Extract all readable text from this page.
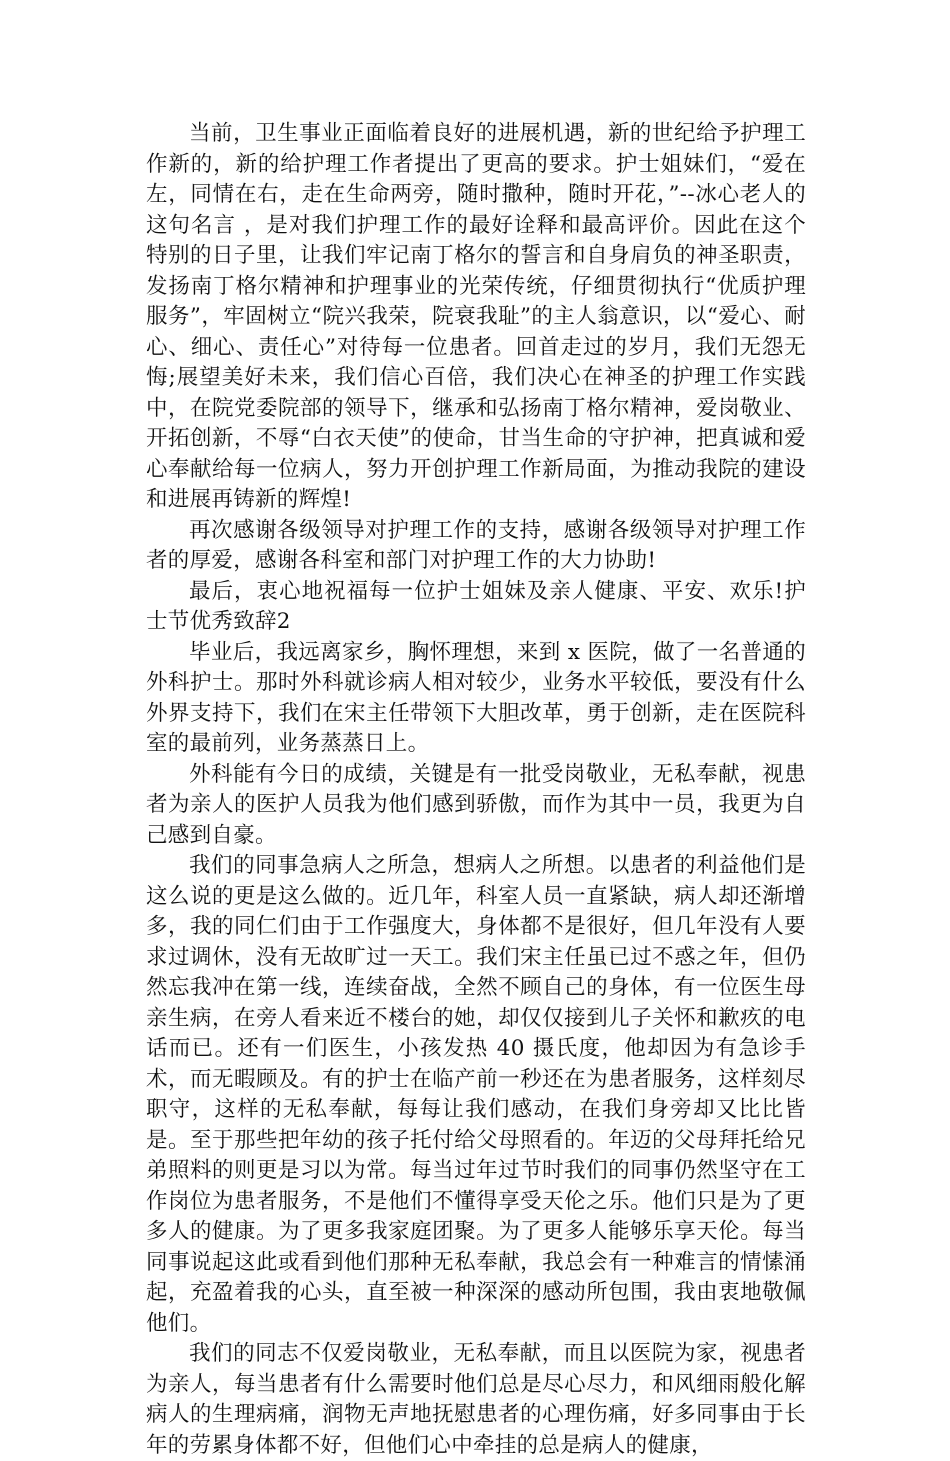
当前，卫生事业正面临着良好的进展机遇，新的世纪给予护理工作新的，新的给护理工作者提出了更高的要求。护士姐妹们，“爱在左，同情在右，走在生命两旁，随时撒种，随时开花，”--冰心老人的这句名言 ，是对我们护理工作的最好诠释和最高评价。因此在这个特别的日子里，让我们牢记南丁格尔的誓言和自身肩负的神圣职责，发扬南丁格尔精神和护理事业的光荣传统，仔细贯彻执行“优质护理服务”，牢固树立“院兴我荣，院衰我耻”的主人翁意识，以“爱心、耐心、细心、责任心”对待每一位患者。回首走过的岁月，我们无怨无悔;展望美好未来，我们信心百倍，我们决心在神圣的护理工作实践中，在院党委院部的领导下，继承和弘扬南丁格尔精神，爱岗敬业、开拓创新，不辱“白衣天使”的使命，甘当生命的守护神，把真诚和爱心奉献给每一位病人，努力开创护理工作新局面，为推动我院的建设和进展再铸新的辉煌!

再次感谢各级领导对护理工作的支持，感谢各级领导对护理工作者的厚爱，感谢各科室和部门对护理工作的大力协助!

最后，衷心地祝福每一位护士姐妹及亲人健康、平安、欢乐!护士节优秀致辞2

毕业后，我远离家乡，胸怀理想，来到 x 医院，做了一名普通的外科护士。那时外科就诊病人相对较少，业务水平较低，要没有什么外界支持下，我们在宋主任带领下大胆改革，勇于创新，走在医院科室的最前列，业务蒸蒸日上。

外科能有今日的成绩，关键是有一批受岗敬业，无私奉献，视患者为亲人的医护人员我为他们感到骄傲，而作为其中一员，我更为自己感到自豪。

我们的同事急病人之所急，想病人之所想。以患者的利益他们是这么说的更是这么做的。近几年，科室人员一直紧缺，病人却还渐增多，我的同仁们由于工作强度大，身体都不是很好，但几年没有人要求过调休，没有无故旷过一天工。我们宋主任虽已过不惑之年，但仍然忘我冲在第一线，连续奋战，全然不顾自己的身体，有一位医生母亲生病，在旁人看来近不楼台的她，却仅仅接到儿子关怀和歉疚的电话而已。还有一们医生，小孩发热 40 摄氏度，他却因为有急诊手术，而无暇顾及。有的护士在临产前一秒还在为患者服务，这样刻尽职守，这样的无私奉献，每每让我们感动，在我们身旁却又比比皆是。至于那些把年幼的孩子托付给父母照看的。年迈的父母拜托给兄弟照料的则更是习以为常。每当过年过节时我们的同事仍然坚守在工作岗位为患者服务，不是他们不懂得享受天伦之乐。他们只是为了更多人的健康。为了更多我家庭团聚。为了更多人能够乐享天伦。每当同事说起这此或看到他们那种无私奉献，我总会有一种难言的情愫涌起，充盈着我的心头，直至被一种深深的感动所包围，我由衷地敬佩他们。

我们的同志不仅爱岗敬业，无私奉献，而且以医院为家，视患者为亲人，每当患者有什么需要时他们总是尽心尽力，和风细雨般化解病人的生理病痛，润物无声地抚慰患者的心理伤痛，好多同事由于长年的劳累身体都不好，但他们心中牵挂的总是病人的健康，
